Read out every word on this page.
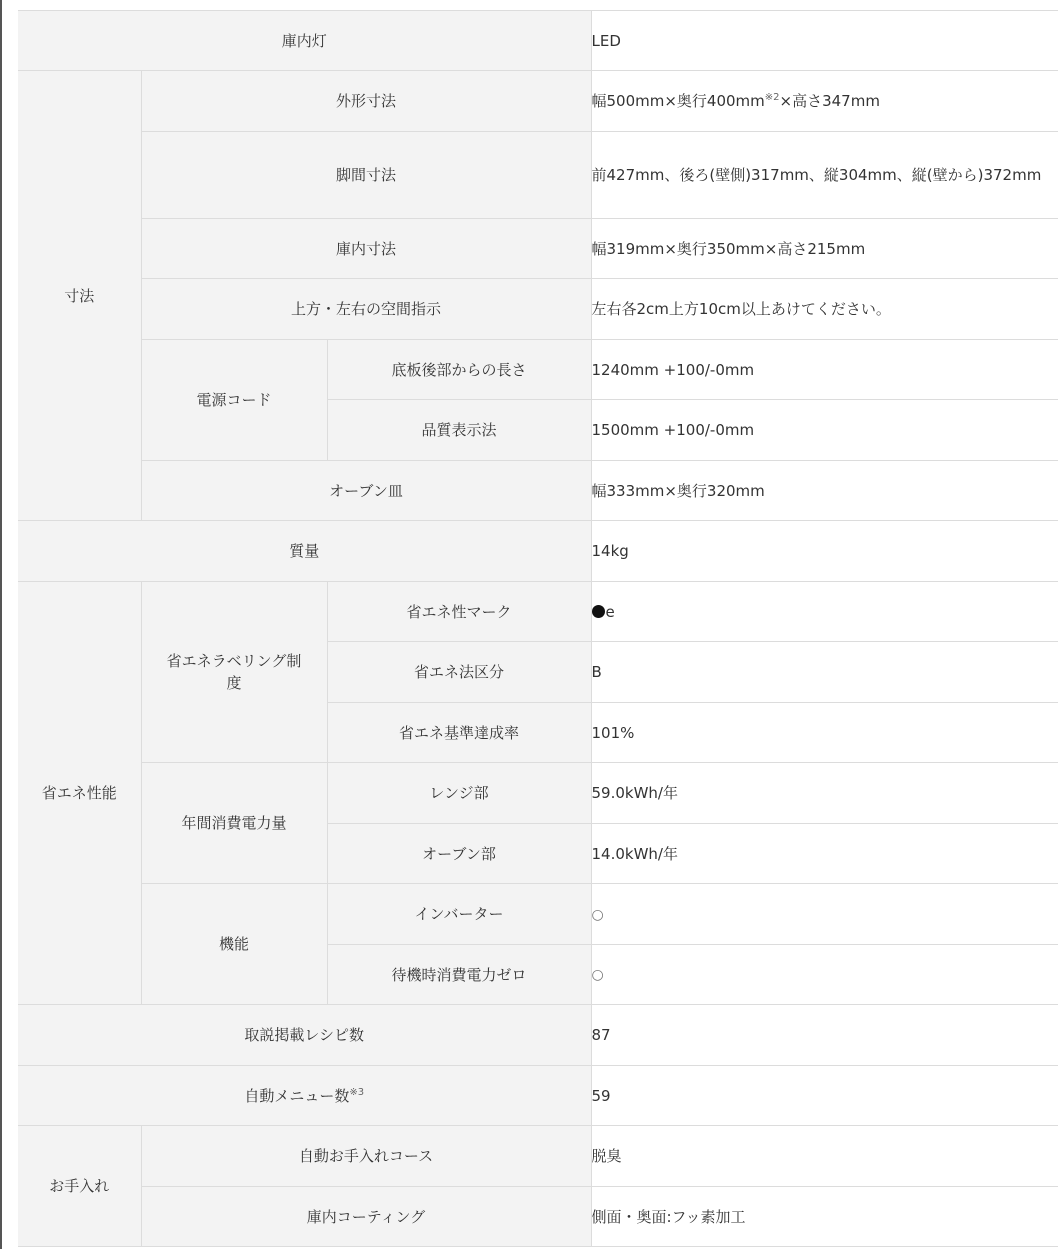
庫内灯			LED
寸法	外形寸法		幅500mm×奥行$400mm^{※2}\times$高さ347mm
	脚間寸法		前427mm、後ろ(壁側)317mm、縦304mm、縦(壁から)372mm

	庫内寸法		幅319mm×奥行350mm×高さ215mm
	上方・左右の空間指示		左右各2cm上方10cm以上あけてください。
	電源コード	底板後部からの長さ	1240mm +100/-0mm
		品質表示法	1500mm +100/-0mm
	オーブン皿		幅333mm×奥行320mm
質量			14kg
省エネ性能	省エネラベリング制度	省エネ性マーク	e
		省エネ法区分	B
		省エネ基準達成率	101%
	年間消費電力量	レンジ部	59.0kWh/年
		オーブン部	14.0kWh/年
	機能	インバーター	○
		待機時消費電力ゼロ	○
取説掲載レシピ数			87
自動メニュー数$^{※3}$			59
お手入れ	自動お手入れコース		脱臭
	庫内コーティング		側面・奥面:フッ素加工
